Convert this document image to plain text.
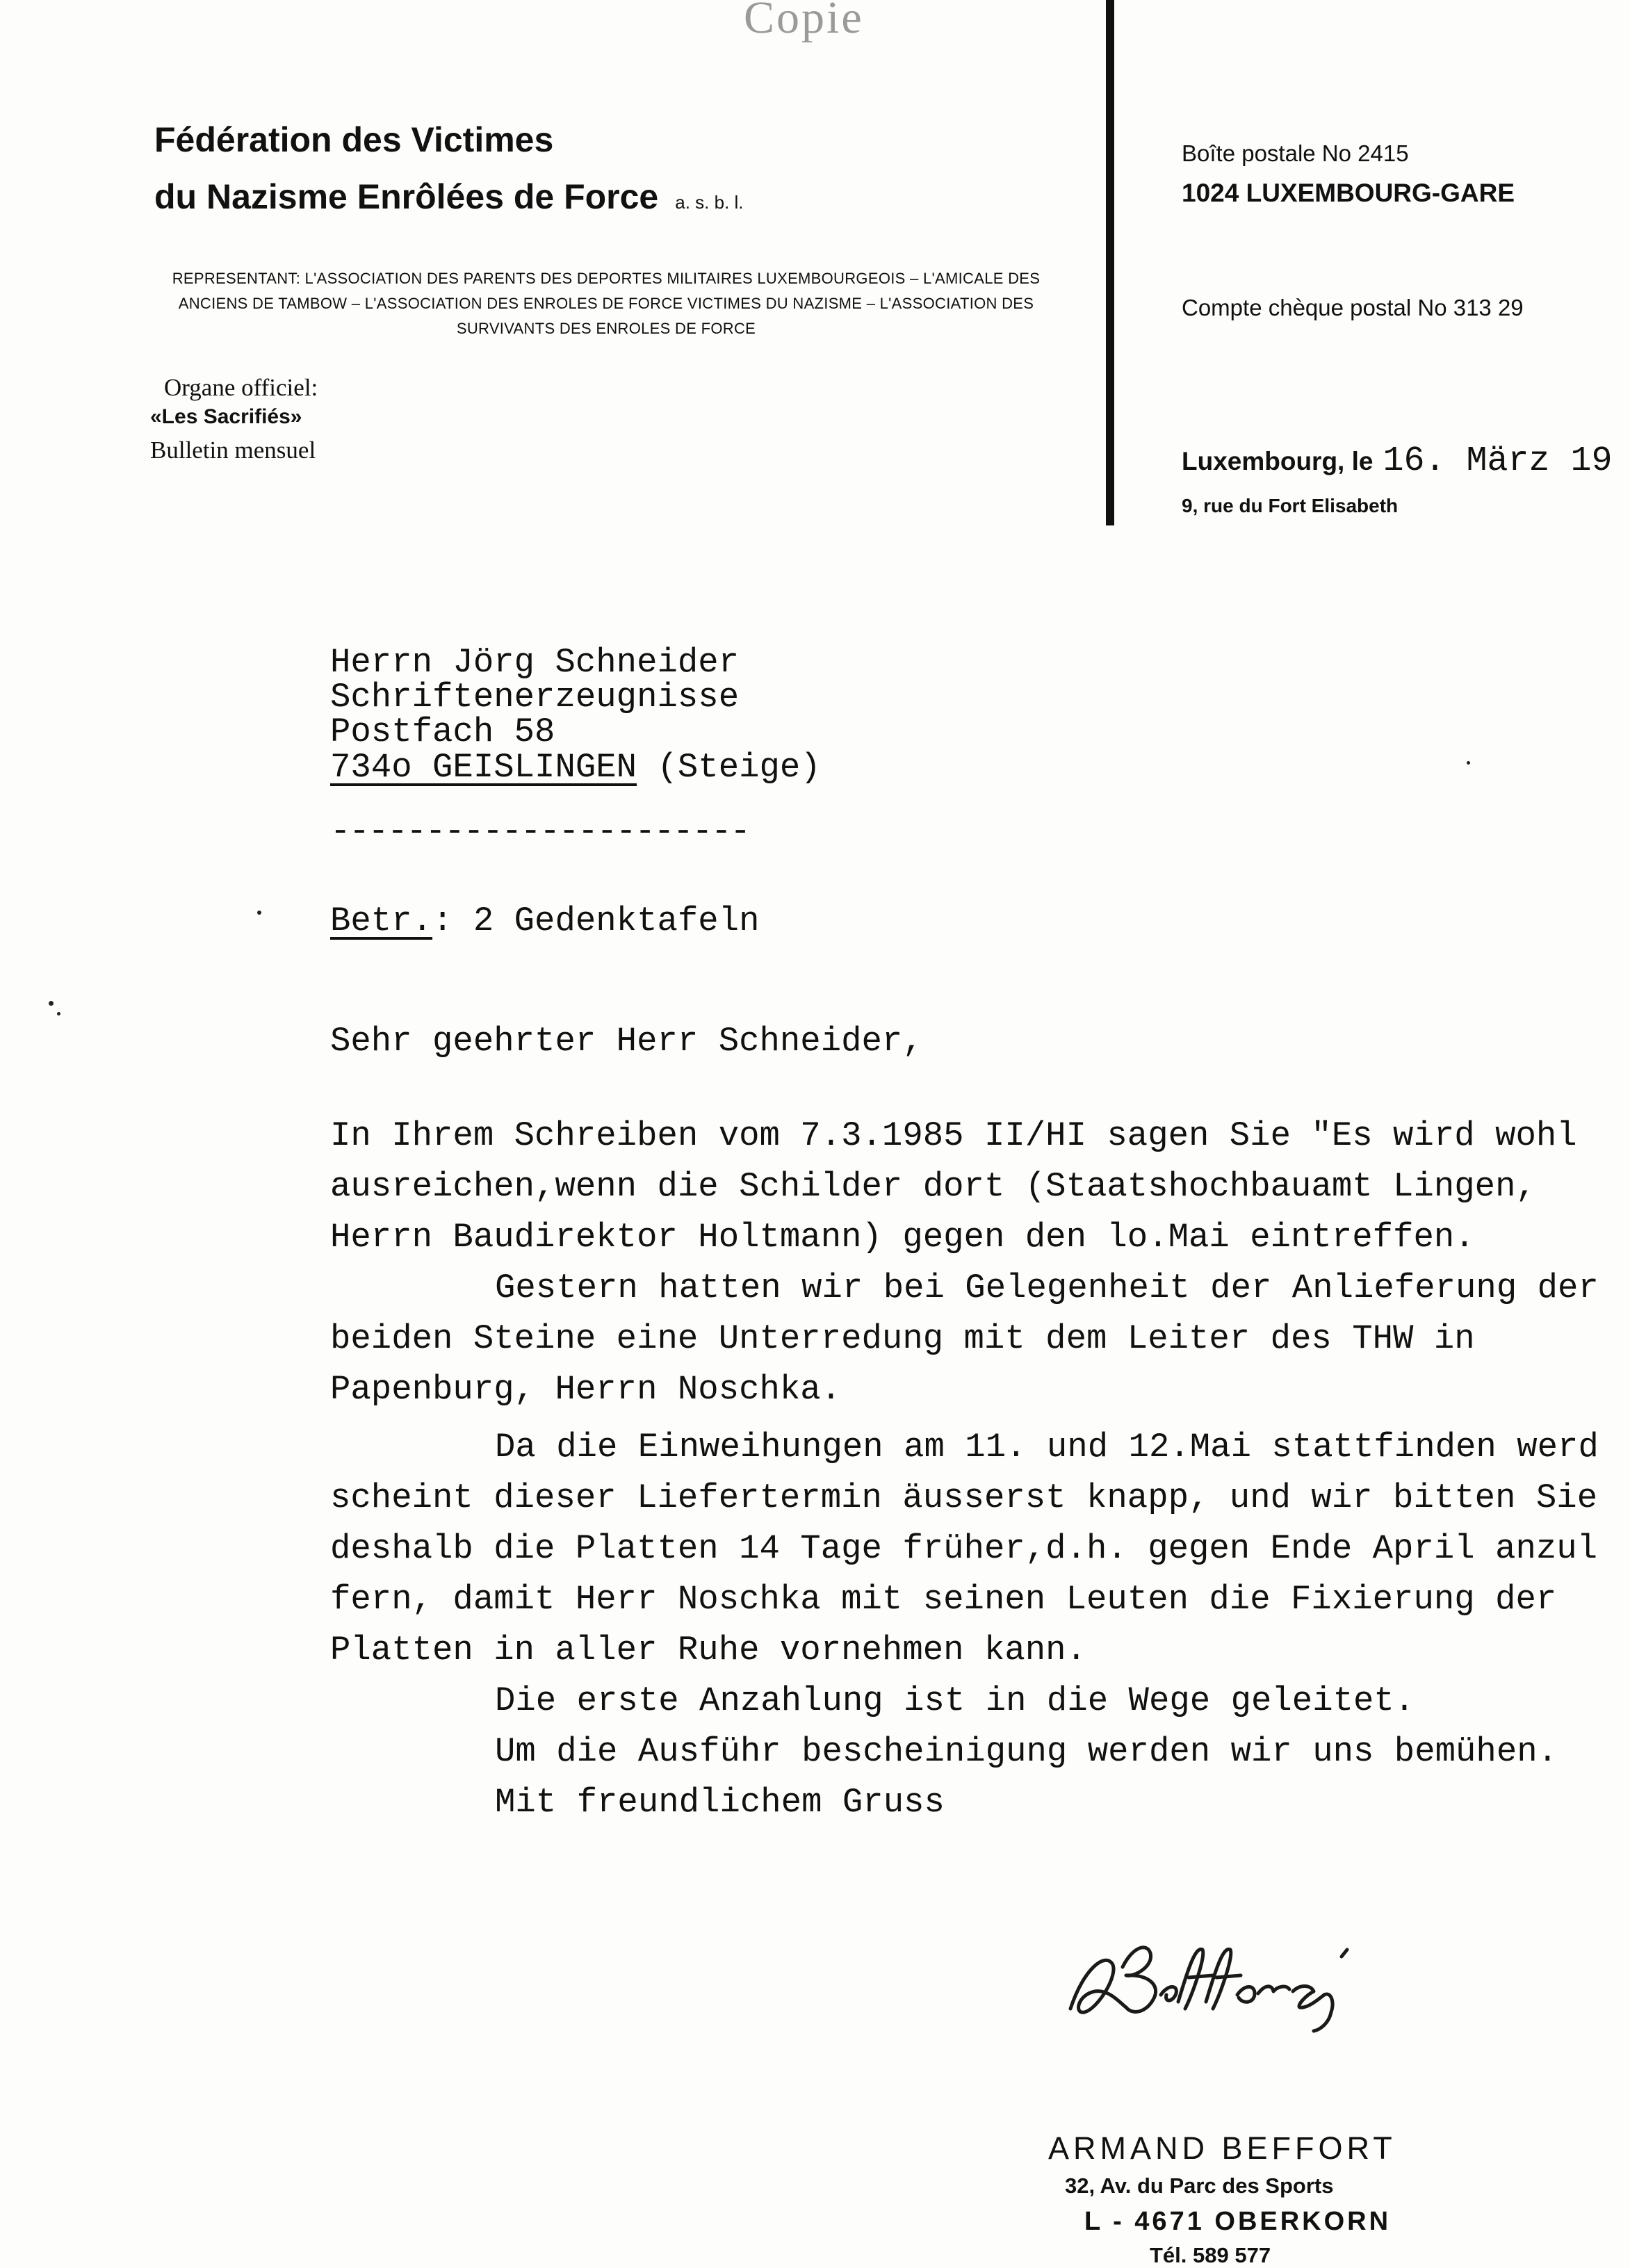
Copie
Fédération des Victimes
du Nazisme Enrôlées de Force a. s. b. l.
REPRESENTANT: L'ASSOCIATION DES PARENTS DES DEPORTES MILITAIRES LUXEMBOURGEOIS – L'AMICALE DES ANCIENS DE TAMBOW – L'ASSOCIATION DES ENROLES DE FORCE VICTIMES DU NAZISME – L'ASSOCIATION DES SURVIVANTS DES ENROLES DE FORCE
Organe officiel:
«Les Sacrifiés»
Bulletin mensuel
Boîte postale No 2415
1024 LUXEMBOURG-GARE
Compte chèque postal No 313 29
Luxembourg, le 16. März 19
9, rue du Fort Elisabeth
Herrn Jörg Schneider
Schriftenerzeugnisse
Postfach 58
734o GEISLINGEN (Steige)
----------------------
Betr.: 2 Gedenktafeln
Sehr geehrter Herr Schneider,
In Ihrem Schreiben vom 7.3.1985 II/HI sagen Sie "Es wird wohl
ausreichen,wenn die Schilder dort (Staatshochbauamt Lingen,
Herrn Baudirektor Holtmann) gegen den lo.Mai eintreffen.
Gestern hatten wir bei Gelegenheit der Anlieferung der
beiden Steine eine Unterredung mit dem Leiter des THW in
Papenburg, Herrn Noschka.
Da die Einweihungen am 11. und 12.Mai stattfinden werd
scheint dieser Liefertermin äusserst knapp, und wir bitten Sie
deshalb die Platten 14 Tage früher,d.h. gegen Ende April anzul
fern, damit Herr Noschka mit seinen Leuten die Fixierung der
Platten in aller Ruhe vornehmen kann.
Die erste Anzahlung ist in die Wege geleitet.
Um die Ausführ bescheinigung werden wir uns bemühen.
Mit freundlichem Gruss
ARMAND BEFFORT
32, Av. du Parc des Sports
L - 4671 OBERKORN
Tél. 589 577
